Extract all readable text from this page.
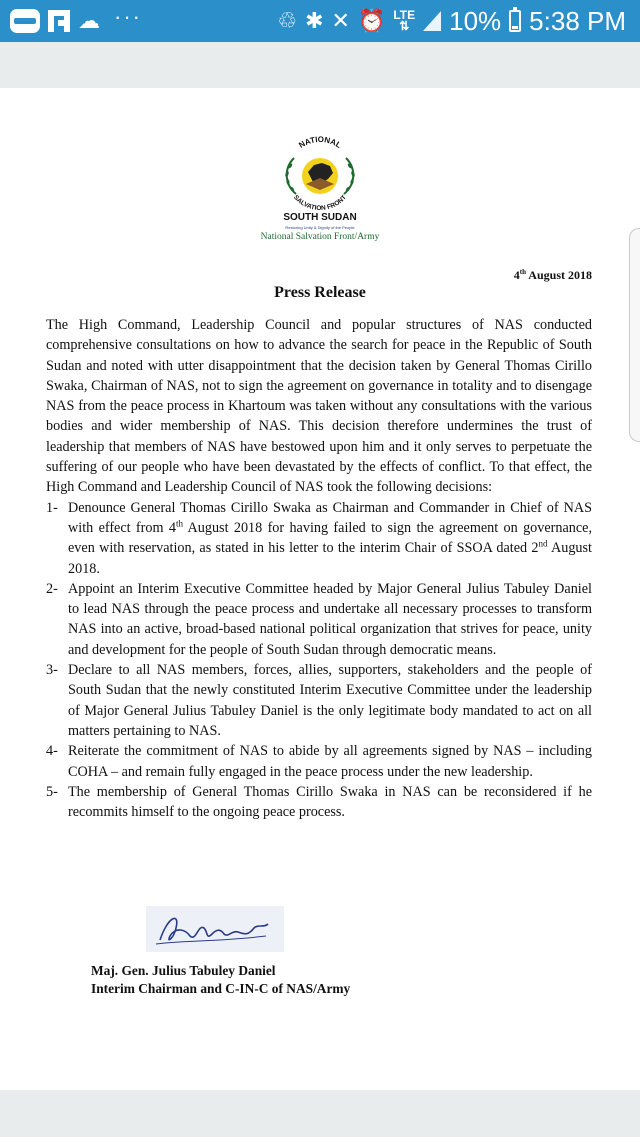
☁ ···	♲ ✱ ✕ ⏰ LTE
⇅ 10% 5:38 PM
NATIONAL
SALVATION FRONT
SOUTH SUDAN
Restoring Unity & Dignity of the People
National Salvation Front/Army
4th August 2018
Press Release

The High Command, Leadership Council and popular structures of NAS conducted comprehensive consultations on how to advance the search for peace in the Republic of South Sudan and noted with utter disappointment that the decision taken by General Thomas Cirillo Swaka, Chairman of NAS, not to sign the agreement on governance in totality and to disengage NAS from the peace process in Khartoum was taken without any consultations with the various bodies and wider membership of NAS. This decision therefore undermines the trust of leadership that members of NAS have bestowed upon him and it only serves to perpetuate the suffering of our people who have been devastated by the effects of conflict. To that effect, the High Command and Leadership Council of NAS took the following decisions:

1- Denounce General Thomas Cirillo Swaka as Chairman and Commander in Chief of NAS with effect from 4th August 2018 for having failed to sign the agreement on governance, even with reservation, as stated in his letter to the interim Chair of SSOA dated 2nd August 2018.
2- Appoint an Interim Executive Committee headed by Major General Julius Tabuley Daniel to lead NAS through the peace process and undertake all necessary processes to transform NAS into an active, broad-based national political organization that strives for peace, unity and development for the people of South Sudan through democratic means.
3- Declare to all NAS members, forces, allies, supporters, stakeholders and the people of South Sudan that the newly constituted Interim Executive Committee under the leadership of Major General Julius Tabuley Daniel is the only legitimate body mandated to act on all matters pertaining to NAS.
4- Reiterate the commitment of NAS to abide by all agreements signed by NAS – including COHA – and remain fully engaged in the peace process under the new leadership.
5- The membership of General Thomas Cirillo Swaka in NAS can be reconsidered if he recommits himself to the ongoing peace process.
Maj. Gen. Julius Tabuley Daniel
Interim Chairman and C-IN-C of NAS/Army
